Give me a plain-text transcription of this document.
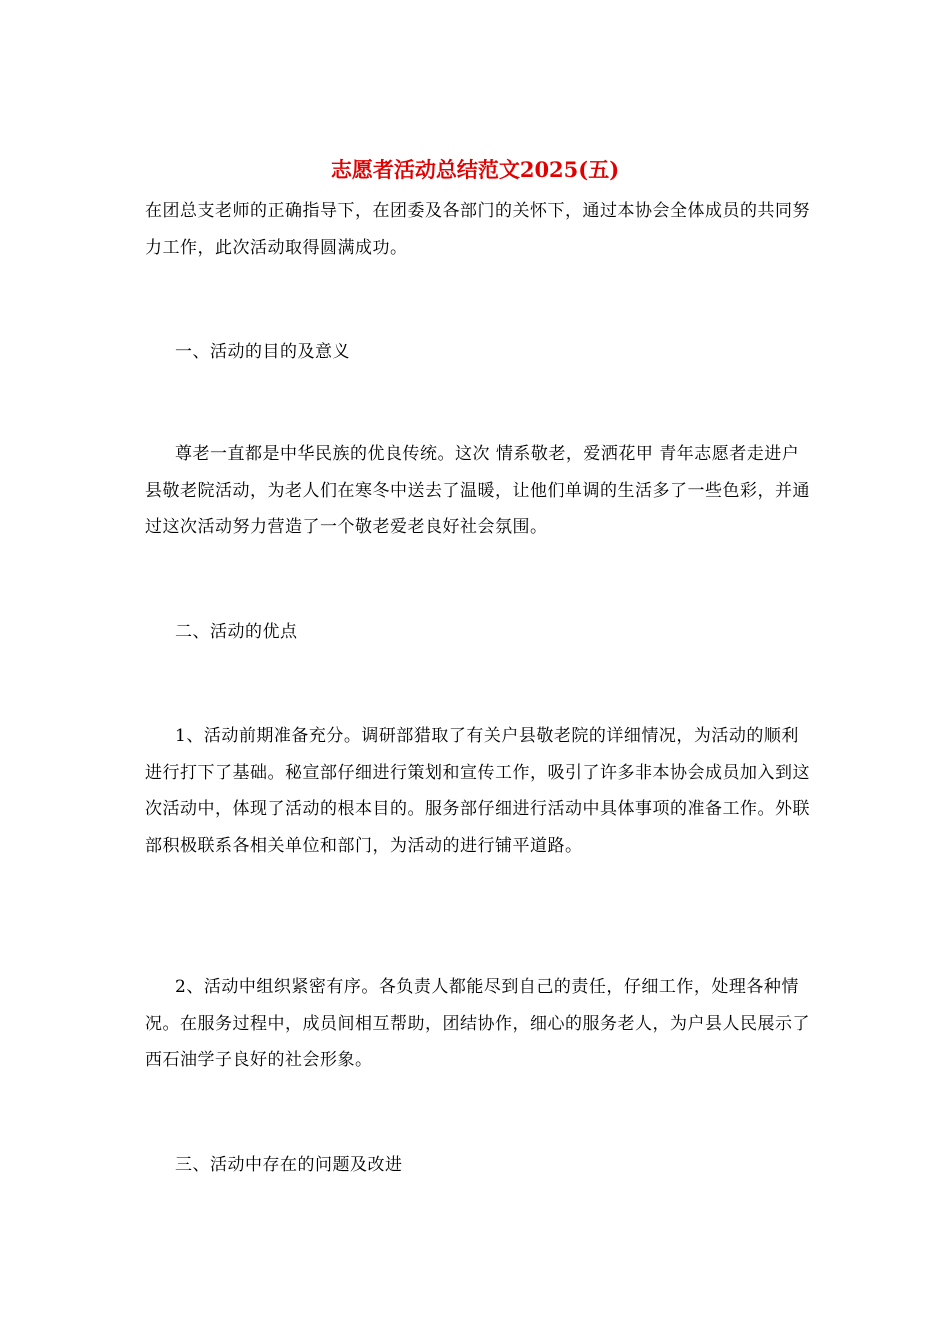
志愿者活动总结范文2025(五)

在团总支老师的正确指导下，在团委及各部门的关怀下，通过本协会全体成员的共同努力工作，此次活动取得圆满成功。

一、活动的目的及意义

尊老一直都是中华民族的优良传统。这次 情系敬老，爱洒花甲 青年志愿者走进户县敬老院活动，为老人们在寒冬中送去了温暖，让他们单调的生活多了一些色彩，并通过这次活动努力营造了一个敬老爱老良好社会氛围。

二、活动的优点

1、活动前期准备充分。调研部猎取了有关户县敬老院的详细情况，为活动的顺利进行打下了基础。秘宣部仔细进行策划和宣传工作，吸引了许多非本协会成员加入到这次活动中，体现了活动的根本目的。服务部仔细进行活动中具体事项的准备工作。外联部积极联系各相关单位和部门，为活动的进行铺平道路。

2、活动中组织紧密有序。各负责人都能尽到自己的责任，仔细工作，处理各种情况。在服务过程中，成员间相互帮助，团结协作，细心的服务老人，为户县人民展示了西石油学子良好的社会形象。

三、活动中存在的问题及改进
